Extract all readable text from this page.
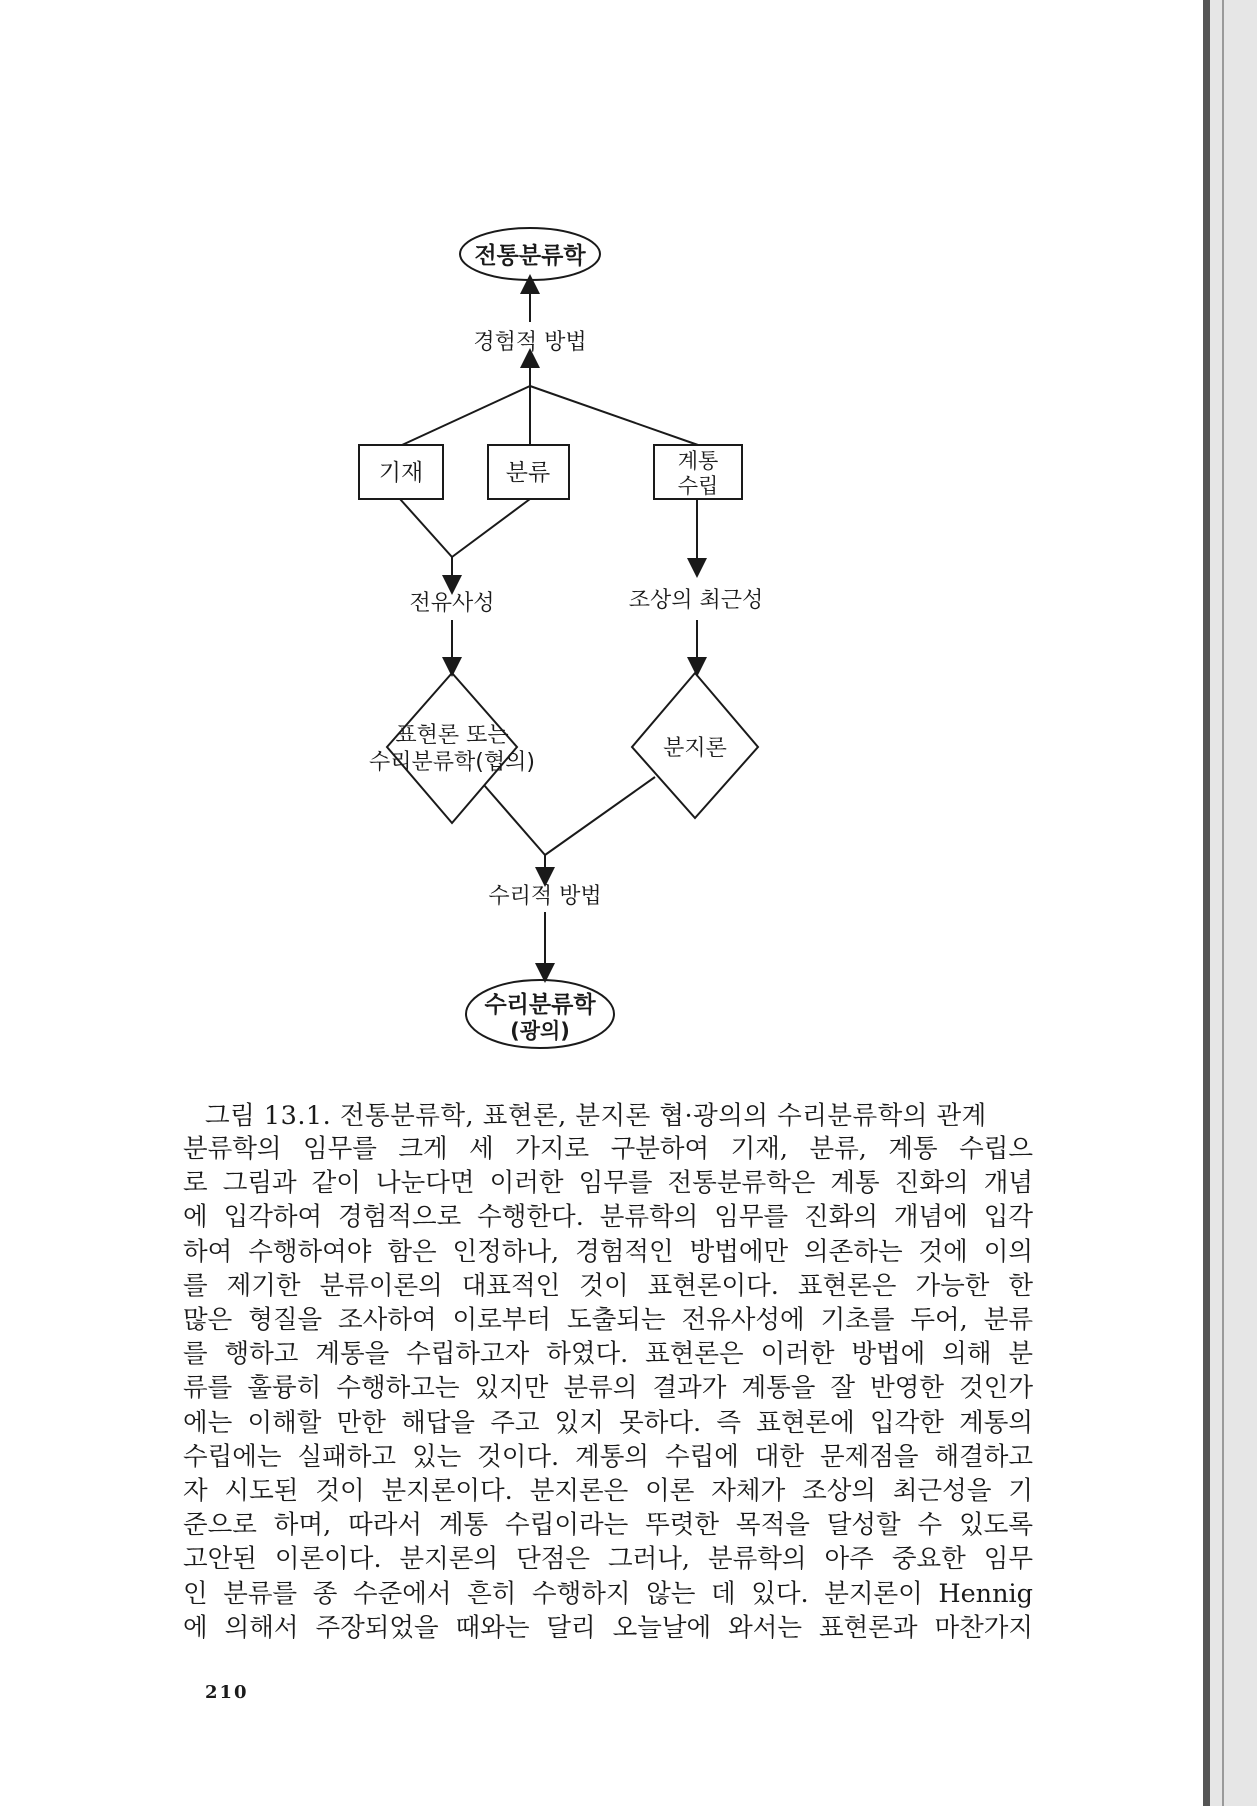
전통분류학
경험적 방법
기재	분류	계통
수립
전유사성	조상의 최근성
표현론 또는
수리분류학(협의)
분지론
수리적 방법
수리분류학
(광의)
그림 13.1. 전통분류학, 표현론, 분지론 협·광의의 수리분류학의 관계
분류학의 임무를 크게 세 가지로 구분하여 기재, 분류, 계통 수립으
로 그림과 같이 나눈다면 이러한 임무를 전통분류학은 계통 진화의 개념
에 입각하여 경험적으로 수행한다. 분류학의 임무를 진화의 개념에 입각
하여 수행하여야 함은 인정하나, 경험적인 방법에만 의존하는 것에 이의
를 제기한 분류이론의 대표적인 것이 표현론이다. 표현론은 가능한 한
많은 형질을 조사하여 이로부터 도출되는 전유사성에 기초를 두어, 분류
를 행하고 계통을 수립하고자 하였다. 표현론은 이러한 방법에 의해 분
류를 훌륭히 수행하고는 있지만 분류의 결과가 계통을 잘 반영한 것인가
에는 이해할 만한 해답을 주고 있지 못하다. 즉 표현론에 입각한 계통의
수립에는 실패하고 있는 것이다. 계통의 수립에 대한 문제점을 해결하고
자 시도된 것이 분지론이다. 분지론은 이론 자체가 조상의 최근성을 기
준으로 하며, 따라서 계통 수립이라는 뚜렷한 목적을 달성할 수 있도록
고안된 이론이다. 분지론의 단점은 그러나, 분류학의 아주 중요한 임무
인 분류를 종 수준에서 흔히 수행하지 않는 데 있다. 분지론이 Hennig
에 의해서 주장되었을 때와는 달리 오늘날에 와서는 표현론과 마찬가지
210
